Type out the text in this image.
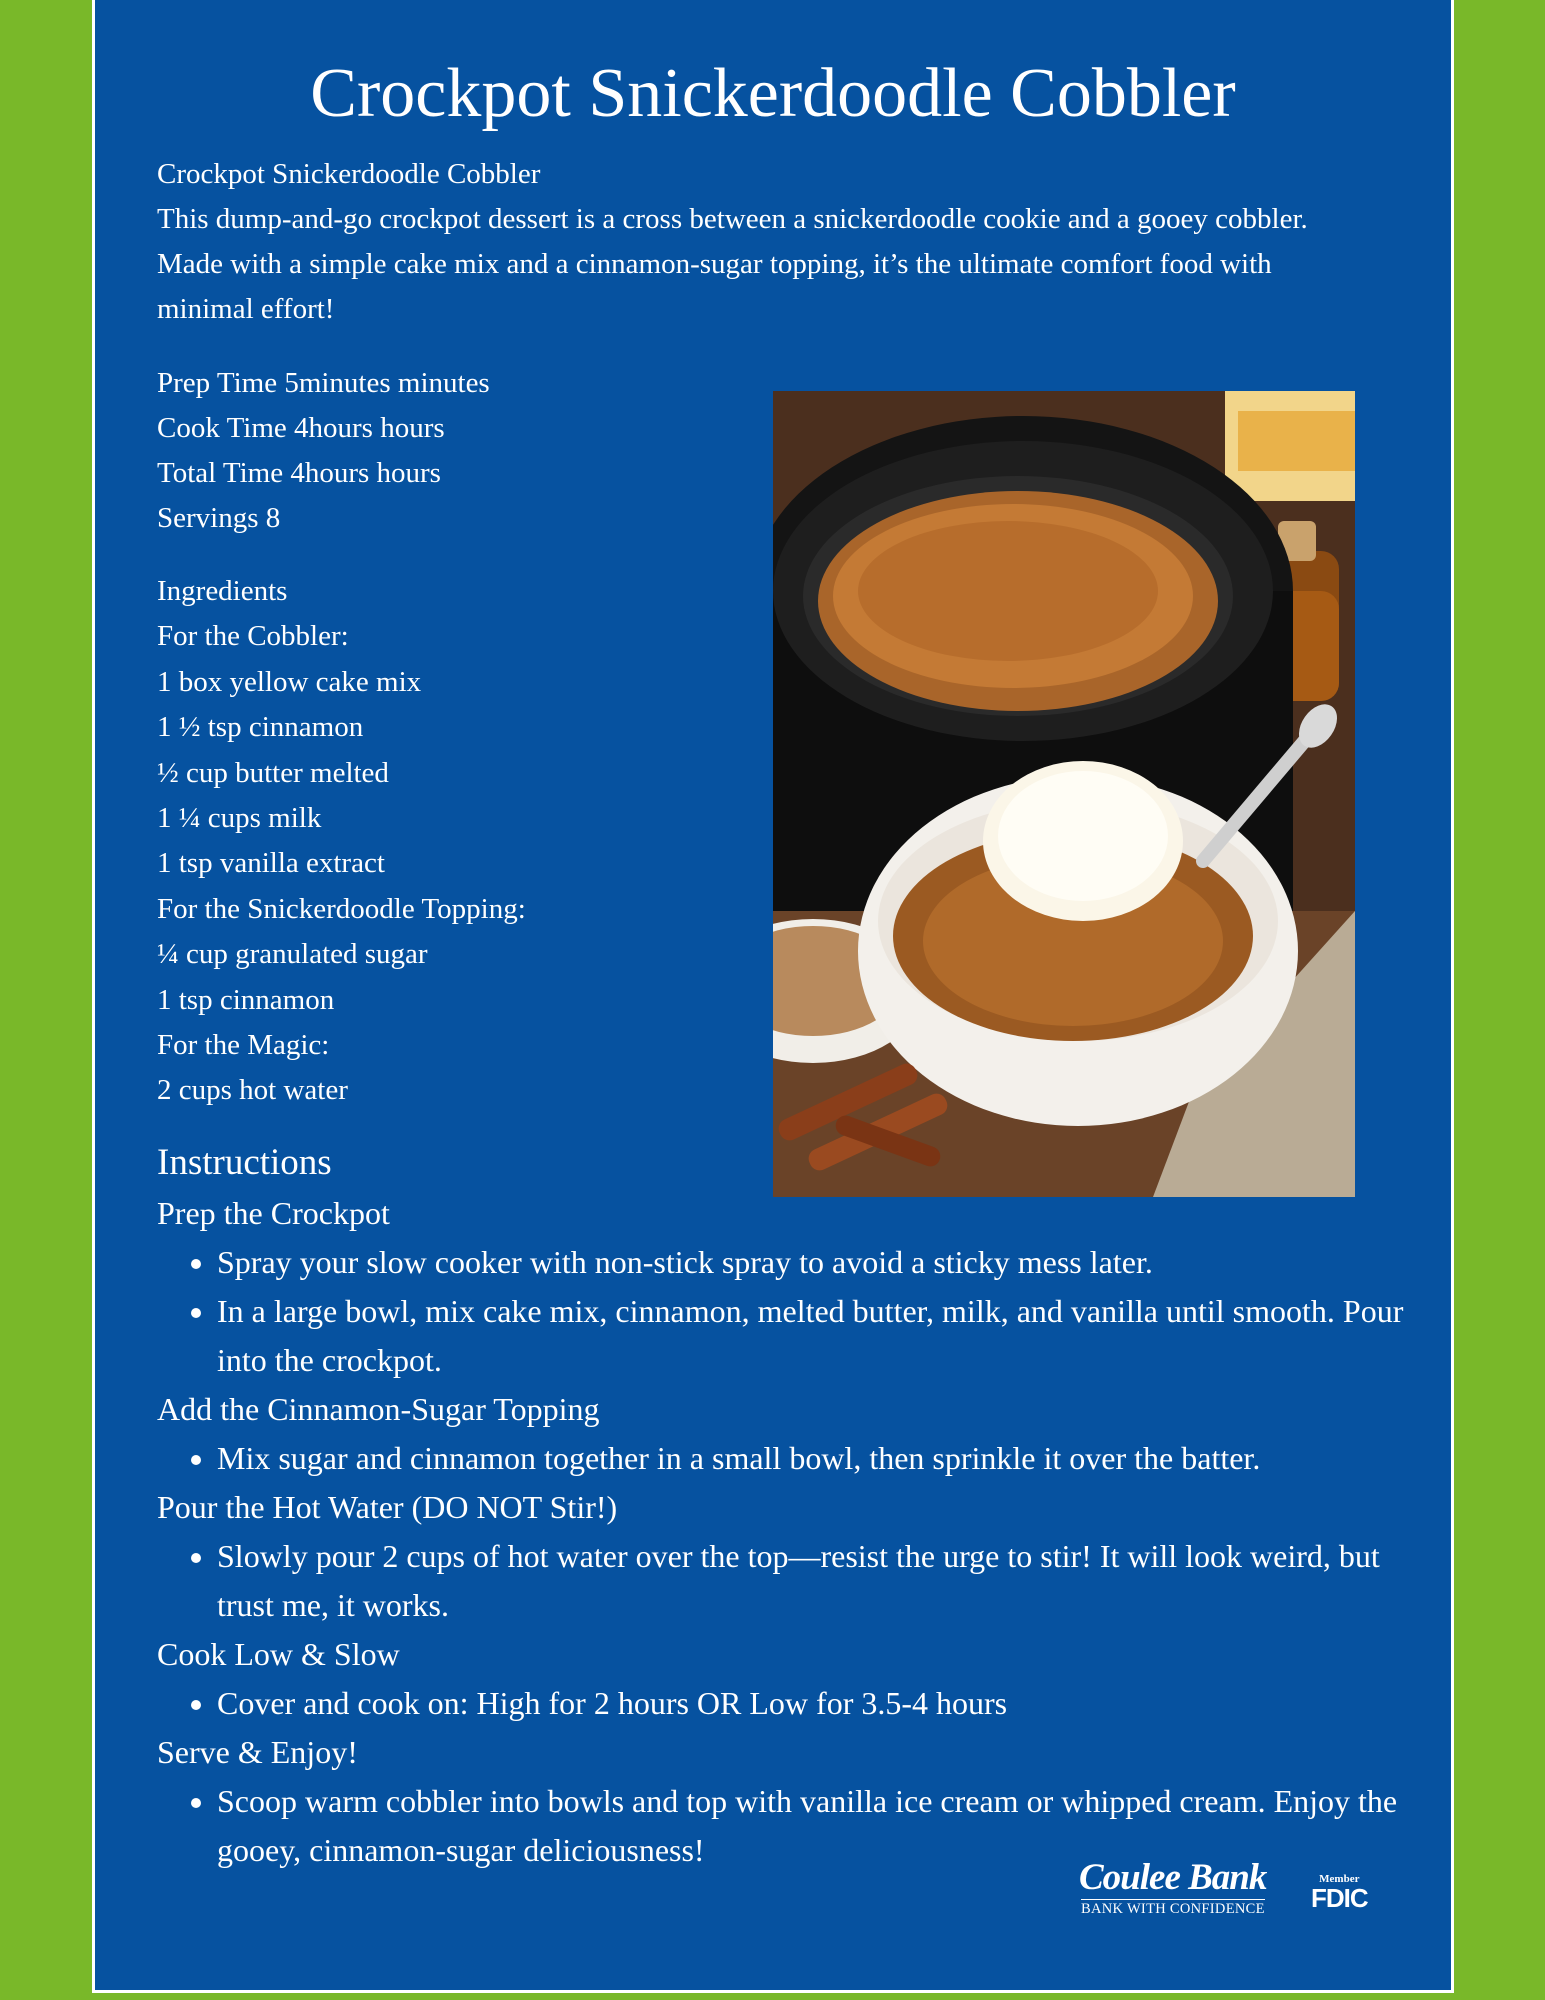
Crockpot Snickerdoodle Cobbler

Crockpot Snickerdoodle Cobbler

This dump-and-go crockpot dessert is a cross between a snickerdoodle cookie and a gooey cobbler. Made with a simple cake mix and a cinnamon-sugar topping, it’s the ultimate comfort food with minimal effort!

Prep Time 5minutes minutes
Cook Time 4hours hours
Total Time 4hours hours
Servings 8
Ingredients
For the Cobbler:
1 box yellow cake mix
1 ½ tsp cinnamon
½ cup butter melted
1 ¼ cups milk
1 tsp vanilla extract
For the Snickerdoodle Topping:
¼ cup granulated sugar
1 tsp cinnamon
For the Magic:
2 cups hot water
Instructions
Prep the Crockpot
• Spray your slow cooker with non-stick spray to avoid a sticky mess later.
• In a large bowl, mix cake mix, cinnamon, melted butter, milk, and vanilla until smooth. Pour into the crockpot.
Add the Cinnamon-Sugar Topping
• Mix sugar and cinnamon together in a small bowl, then sprinkle it over the batter.
Pour the Hot Water (DO NOT Stir!)
• Slowly pour 2 cups of hot water over the top—resist the urge to stir! It will look weird, but trust me, it works.
Cook Low & Slow
• Cover and cook on: High for 2 hours OR Low for 3.5-4 hours
Serve & Enjoy!
• Scoop warm cobbler into bowls and top with vanilla ice cream or whipped cream. Enjoy the gooey, cinnamon-sugar deliciousness!
Coulee Bank
BANK WITH CONFIDENCE
Member
FDIC
